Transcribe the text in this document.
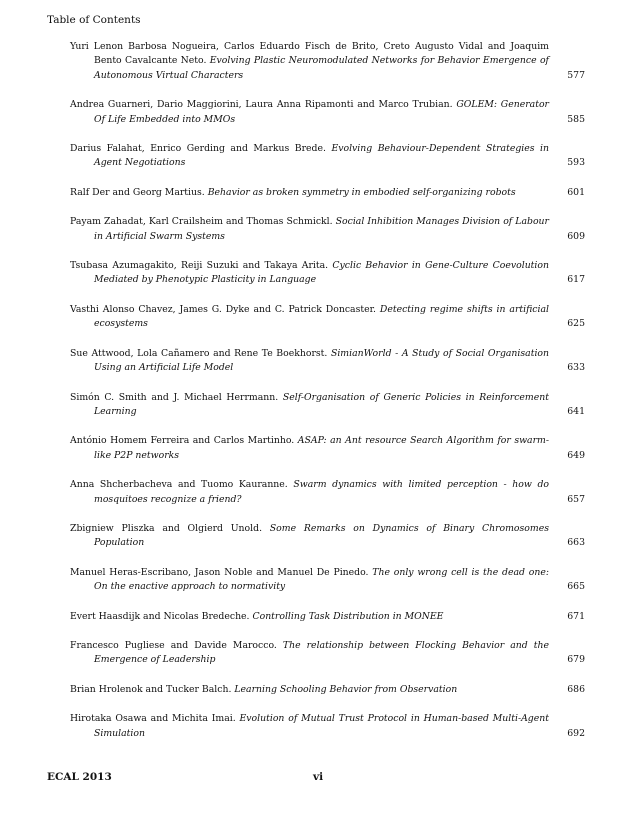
Table of Contents
Yuri Lenon Barbosa Nogueira, Carlos Eduardo Fisch de Brito, Creto Augusto Vidal and Joaquim Bento Cavalcante Neto. Evolving Plastic Neuromodulated Networks for Behavior Emergence of Autonomous Virtual Characters	577
Andrea Guarneri, Dario Maggiorini, Laura Anna Ripamonti and Marco Trubian. GOLEM: Generator Of Life Embedded into MMOs	585
Darius Falahat, Enrico Gerding and Markus Brede. Evolving Behaviour-Dependent Strategies in Agent Negotiations	593
Ralf Der and Georg Martius. Behavior as broken symmetry in embodied self-organizing robots	601
Payam Zahadat, Karl Crailsheim and Thomas Schmickl. Social Inhibition Manages Division of Labour in Artificial Swarm Systems	609
Tsubasa Azumagakito, Reiji Suzuki and Takaya Arita. Cyclic Behavior in Gene-Culture Coevolution Mediated by Phenotypic Plasticity in Language	617
Vasthi Alonso Chavez, James G. Dyke and C. Patrick Doncaster. Detecting regime shifts in artificial ecosystems	625
Sue Attwood, Lola Cañamero and Rene Te Boekhorst. SimianWorld - A Study of Social Organisation Using an Artificial Life Model	633
Simón C. Smith and J. Michael Herrmann. Self-Organisation of Generic Policies in Reinforcement Learning	641
António Homem Ferreira and Carlos Martinho. ASAP: an Ant resource Search Algorithm for swarm-like P2P networks	649
Anna Shcherbacheva and Tuomo Kauranne. Swarm dynamics with limited perception - how do mosquitoes recognize a friend?	657
Zbigniew Pliszka and Olgierd Unold. Some Remarks on Dynamics of Binary Chromosomes Population	663
Manuel Heras-Escribano, Jason Noble and Manuel De Pinedo. The only wrong cell is the dead one: On the enactive approach to normativity	665
Evert Haasdijk and Nicolas Bredeche. Controlling Task Distribution in MONEE	671
Francesco Pugliese and Davide Marocco. The relationship between Flocking Behavior and the Emergence of Leadership	679
Brian Hrolenok and Tucker Balch. Learning Schooling Behavior from Observation	686
Hirotaka Osawa and Michita Imai. Evolution of Mutual Trust Protocol in Human-based Multi-Agent Simulation	692
ECAL 2013	vi
